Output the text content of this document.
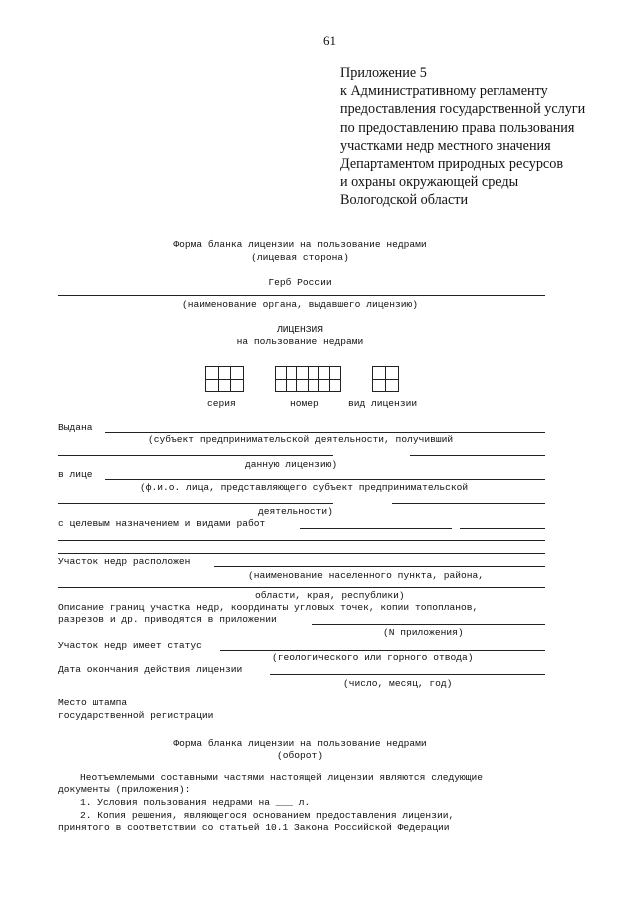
61
Приложение 5
к Административному регламенту
предоставления государственной услуги
по предоставлению права пользования
участками недр местного значения
Департаментом природных ресурсов
и охраны окружающей среды
Вологодской области
Форма бланка лицензии на пользование недрами
(лицевая сторона)
Герб России
(наименование органа, выдавшего лицензию)
ЛИЦЕНЗИЯ
на пользование недрами
серия	номер	вид лицензии
Выдана
(субъект предпринимательской деятельности, получивший
данную лицензию)
в лице
(ф.и.о. лица, представляющего субъект предпринимательской
деятельности)
с целевым назначением и видами работ
Участок недр расположен
(наименование населенного пункта, района,
области, края, республики)
Описание границ участка недр, координаты угловых точек, копии топопланов,
разрезов и др. приводятся в приложении
(N приложения)
Участок недр имеет статус
(геологического или горного отвода)
Дата окончания действия лицензии
(число, месяц, год)
Место штампа
государственной регистрации
Форма бланка лицензии на пользование недрами
(оборот)
Неотъемлемыми составными частями настоящей лицензии являются следующие
документы (приложения):
1. Условия пользования недрами на ___ л.
2. Копия решения, являющегося основанием предоставления лицензии,
принятого в соответствии со статьей 10.1 Закона Российской Федерации
